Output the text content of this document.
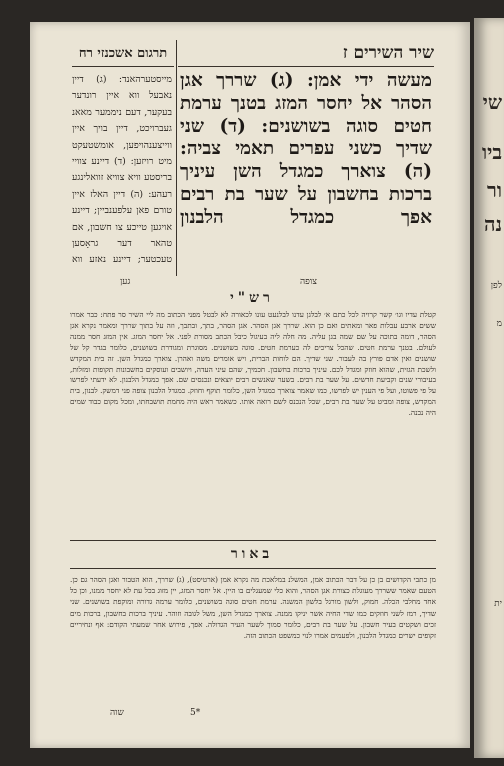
שי
ביו
ור
נה
לפן
מ
ית
שיר השירים ז
תרגום אשכנזי רח
מעשה ידי אמן: (ג) שררך אגן הסהר אל יחסר המזג בטנך ערמת חטים סוגה בשושנים: (ד) שני שדיך כשני עפרים תאמי צביה: (ה) צוארך כמגדל השן עיניך ברכות בחשבון על שער בת רבים אפך כמגדל הלבנון
מייסטערהאנד: (ג) דיין נאבעל ווא איין רונדער בעקער, דעם ניממער מאאנ געברויכט, דיין בויך איין ווייצענהויפען, אומשטעקט מיט רויזען: (ד) דיינע צוויי בריסטע וויא צוויא זוואלינגע רעהע: (ה) דיין האלז איין טורם פאן עלפענביין; דיינע אויגען טייכע צו חשבון, אם טהאר דער גראָסען טעכטער; דיינע נאזע ווא
צופה
גען
רש"י
קטלת עדיו וגו׳ קשר קרויה לכל כתם א׳ לבלגן עדנו לבלנעט עונו לכאורה לא לבטל מפני הכתוב מה ליי השיר סר פתח: כבר אמרו ששים ארבע עבלות פאר ומאתים ואם כן הוא. שררך אגן הסהר. אגן הסהר, בתך, ובתבך, וזה על בתוך שררך ומאמר נקרא אגן הסהר, דומה בתוכה על שם שמה בגן עליה. מה חלה ליה בעיגול כיבל הכתב מסורת לפני. אל יחסר המזג. אין המזג חסר ממנה לעולם. בטנך ערמת חטים. שהכל צריכים לה כערמת חטים. סוגה בשושנים. מסוגרת ומגודרת בשושנים, כלומר בגדר קל של שושנים ואין אדם פורץ בה לעבור. שני שדיך. הם לוחות הברית, ויש אומרים משה ואהרן. צוארך כמגדל השן. זה בית המקדש ולשכת הגזית, שהוא חוזק ומגדל לכם. עיניך ברכות בחשבון. חכמיך, שהם עיני העדה, ויושבים ועוסקים בחשבונות תקופות ומזלות, בעיבורי שנים וקביעת חדשים. על שער בת רבים. בשער שאנשים רבים יוצאים ונכנסים שם. אפך כמגדל הלבנון. לא ידעתי לפרשו על פי פשוטו, ועל פי הענין יש לפרשו, כמו שאמר צוארך כמגדל השן, כלומר תוקף וחוזק. כמגדל הלבנון צופה פני דמשק. לבנון, בית המקדש, צופה ומביט על שער בת רבים, שכל הנכנס לשם רואה אותו. כשאמר ראש היה מחמת תושבחתו, ומכל מקום כבוד שמים היה נבנה.
באור
מן כתבי הקדושים בן כן על דבר הכתוב אמן, המשלנ במלאכת מה נקרא אמן (ארטיסט), (ג) שררך, הוא הטבור ואגן הסהר גם כן. הטעם שאמר ששררך מעוגלת כצורת אגן הסהר, והוא כלי שמעגלים בו היין. אל יחסר המזג, יין מזוג בכל עת לא יחסר ממנו, וכן כל אחד מחלבי הכלה. חמוק, ולשון מורגל בלשון המשנה. ערמת חטים סוגה בשושנים, כלומר ערמה גדורה ומוקפת בשושנים. שני שדיך, רמז לשני חוזקים כמו שדי החיה אשר יניקו ממנה. צוארך כמגדל השן, משל לגובה וזוהר. עיניך ברכות בחשבון, ברכות מים זכים ושקטים בעיר חשבון. על שער בת רבים, כלומר סמוך לשער העיר הגדולה. אפך, פירוש אחר שמעתי הקודם: אף ונחיריים זקופים ישרים כמגדל הלבנון, ולפעמים אמרו לנוי כמשפט הכתוב הזה.
שוה	5*
